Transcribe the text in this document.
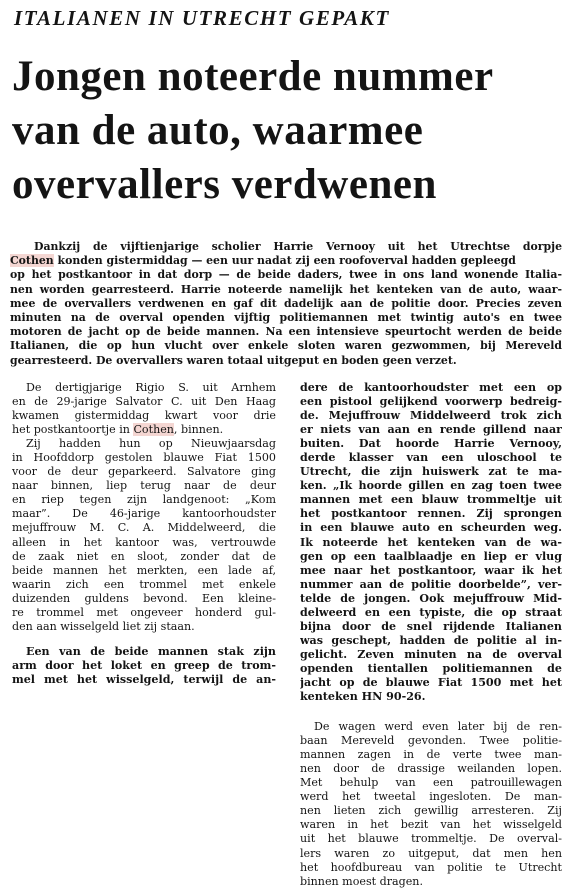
ITALIANEN IN UTRECHT GEPAKT
Jongen noteerde nummer
van de auto, waarmee
overvallers verdwenen
Dankzij de vijftienjarige scholier Harrie Vernooy uit het Utrechtse dorpje
Cothen konden gistermiddag — een uur nadat zij een roofoverval hadden gepleegd
op het postkantoor in dat dorp — de beide daders, twee in ons land wonende Italia-
nen worden gearresteerd. Harrie noteerde namelijk het kenteken van de auto, waar-
mee de overvallers verdwenen en gaf dit dadelijk aan de politie door. Precies zeven
minuten na de overval openden vijftig politiemannen met twintig auto's en twee
motoren de jacht op de beide mannen. Na een intensieve speurtocht werden de beide
Italianen, die op hun vlucht over enkele sloten waren gezwommen, bij Mereveld
gearresteerd. De overvallers waren totaal uitgeput en boden geen verzet.
De dertigjarige Rigio S. uit Arnhem
en de 29-jarige Salvator C. uit Den Haag
kwamen gistermiddag kwart voor drie
het postkantoortje in Cothen, binnen.
Zij hadden hun op Nieuwjaarsdag
in Hoofddorp gestolen blauwe Fiat 1500
voor de deur geparkeerd. Salvatore ging
naar binnen, liep terug naar de deur
en riep tegen zijn landgenoot: „Kom
maar”. De 46-jarige kantoorhoudster
mejuffrouw M. C. A. Middelweerd, die
alleen in het kantoor was, vertrouwde
de zaak niet en sloot, zonder dat de
beide mannen het merkten, een lade af,
waarin zich een trommel met enkele
duizenden guldens bevond. Een kleine-
re trommel met ongeveer honderd gul-
den aan wisselgeld liet zij staan.
Een van de beide mannen stak zijn
arm door het loket en greep de trom-
mel met het wisselgeld, terwijl de an-
dere de kantoorhoudster met een op
een pistool gelijkend voorwerp bedreig-
de. Mejuffrouw Middelweerd trok zich
er niets van aan en rende gillend naar
buiten. Dat hoorde Harrie Vernooy,
derde klasser van een uloschool te
Utrecht, die zijn huiswerk zat te ma-
ken. „Ik hoorde gillen en zag toen twee
mannen met een blauw trommeltje uit
het postkantoor rennen. Zij sprongen
in een blauwe auto en scheurden weg.
Ik noteerde het kenteken van de wa-
gen op een taalblaadje en liep er vlug
mee naar het postkantoor, waar ik het
nummer aan de politie doorbelde”, ver-
telde de jongen. Ook mejuffrouw Mid-
delweerd en een typiste, die op straat
bijna door de snel rijdende Italianen
was geschept, hadden de politie al in-
gelicht. Zeven minuten na de overval
openden tientallen politiemannen de
jacht op de blauwe Fiat 1500 met het
kenteken HN 90-26.
De wagen werd even later bij de ren-
baan Mereveld gevonden. Twee politie-
mannen zagen in de verte twee man-
nen door de drassige weilanden lopen.
Met behulp van een patrouillewagen
werd het tweetal ingesloten. De man-
nen lieten zich gewillig arresteren. Zij
waren in het bezit van het wisselgeld
uit het blauwe trommeltje. De overval-
lers waren zo uitgeput, dat men hen
het hoofdbureau van politie te Utrecht
binnen moest dragen.
